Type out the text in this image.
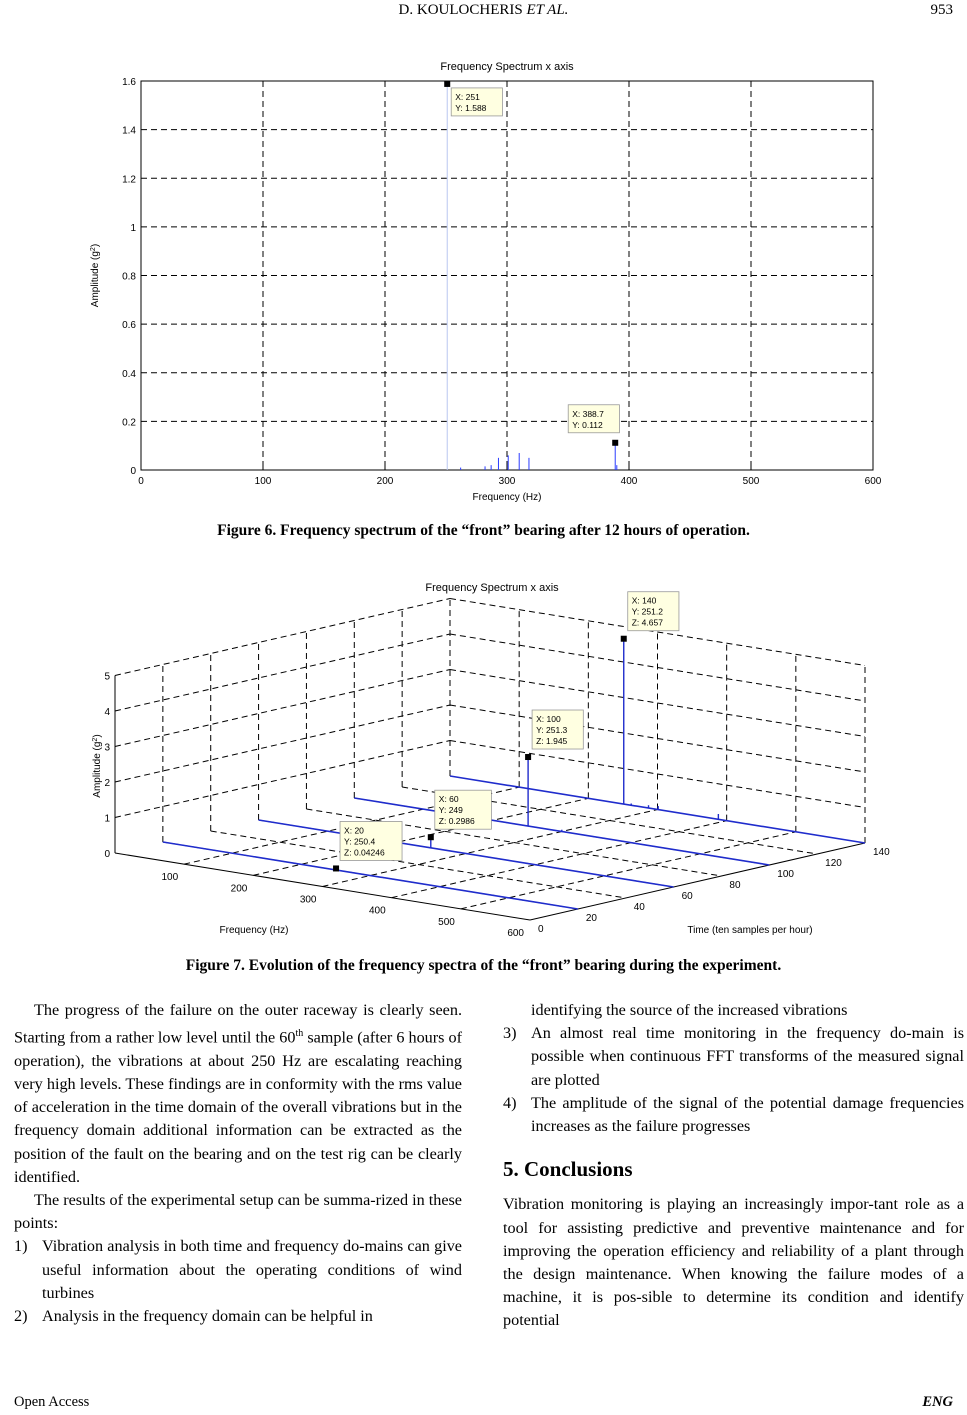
D. KOULOCHERIS ET AL.	953
Frequency Spectrum x axis
0	100	200	300	400	500	600
0
0.2
0.4
0.6
0.8
1
1.2
1.4
1.6
Frequency (Hz)
Amplitude $(g^2)$
X: 251
Y: 1.588
X: 388.7
Y: 0.112
Figure 6. Frequency spectrum of the “front” bearing after 12 hours of operation.
Frequency Spectrum x axis
0
1
2
3
4
5
100
200
300
400
500
600 0
20
40
60
80
100
120
140
Frequency (Hz)	Time (ten samples per hour)
Amplitude $(g^2)$
X: 20
Y: 250.4
Z: 0.04246
X: 60
Y: 249
Z: 0.2986
X: 100
Y: 251.3
Z: 1.945
X: 140
Y: 251.2
Z: 4.657
Figure 7. Evolution of the frequency spectra of the “front” bearing during the experiment.

The progress of the failure on the outer raceway is clearly seen. Starting from a rather low level until the 60th sample (after 6 hours of operation), the vibrations at about 250 Hz are escalating reaching very high levels. These findings are in conformity with the rms value of acceleration in the time domain of the overall vibrations but in the frequency domain additional information can be extracted as the position of the fault on the bearing and on the test rig can be clearly identified.

The results of the experimental setup can be summa-rized in these points:

1) Vibration analysis in both time and frequency do-mains can give useful information about the operating conditions of wind turbines
2) Analysis in the frequency domain can be helpful in
identifying the source of the increased vibrations
3) An almost real time monitoring in the frequency do-main is possible when continuous FFT transforms of the measured signal are plotted
4) The amplitude of the signal of the potential damage frequencies increases as the failure progresses
5. Conclusions

Vibration monitoring is playing an increasingly impor-tant role as a tool for assisting predictive and preventive maintenance and for improving the operation efficiency and reliability of a plant through the design maintenance. When knowing the failure modes of a machine, it is pos-sible to determine its condition and identify potential

Open Access	ENG
